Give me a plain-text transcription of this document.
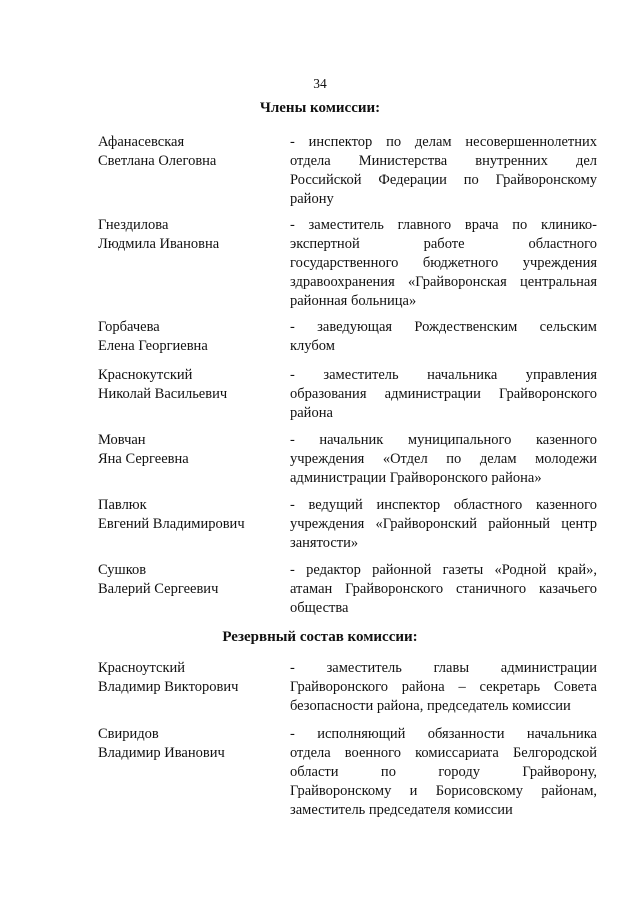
34
Члены комиссии:
Афанасевская
Светлана Олеговна
- инспектор по делам несовершеннолетних
отдела Министерства внутренних дел
Российской Федерации по Грайворонскому
району
Гнездилова
Людмила Ивановна
- заместитель главного врача по клинико-
экспертной работе областного
государственного бюджетного учреждения
здравоохранения «Грайворонская центральная
районная больница»
Горбачева
Елена Георгиевна
- заведующая Рождественским сельским
клубом
Краснокутский
Николай Васильевич
- заместитель начальника управления
образования администрации Грайворонского
района
Мовчан
Яна Сергеевна
- начальник муниципального казенного
учреждения «Отдел по делам молодежи
администрации Грайворонского района»
Павлюк
Евгений Владимирович
- ведущий инспектор областного казенного
учреждения «Грайворонский районный центр
занятости»
Сушков
Валерий Сергеевич
- редактор районной газеты «Родной край»,
атаман Грайворонского станичного казачьего
общества
Резервный состав комиссии:
Красноутский
Владимир Викторович
- заместитель главы администрации
Грайворонского района – секретарь Совета
безопасности района, председатель комиссии
Свиридов
Владимир Иванович
- исполняющий обязанности начальника
отдела военного комиссариата Белгородской
области по городу Грайворону,
Грайворонскому и Борисовскому районам,
заместитель председателя комиссии
